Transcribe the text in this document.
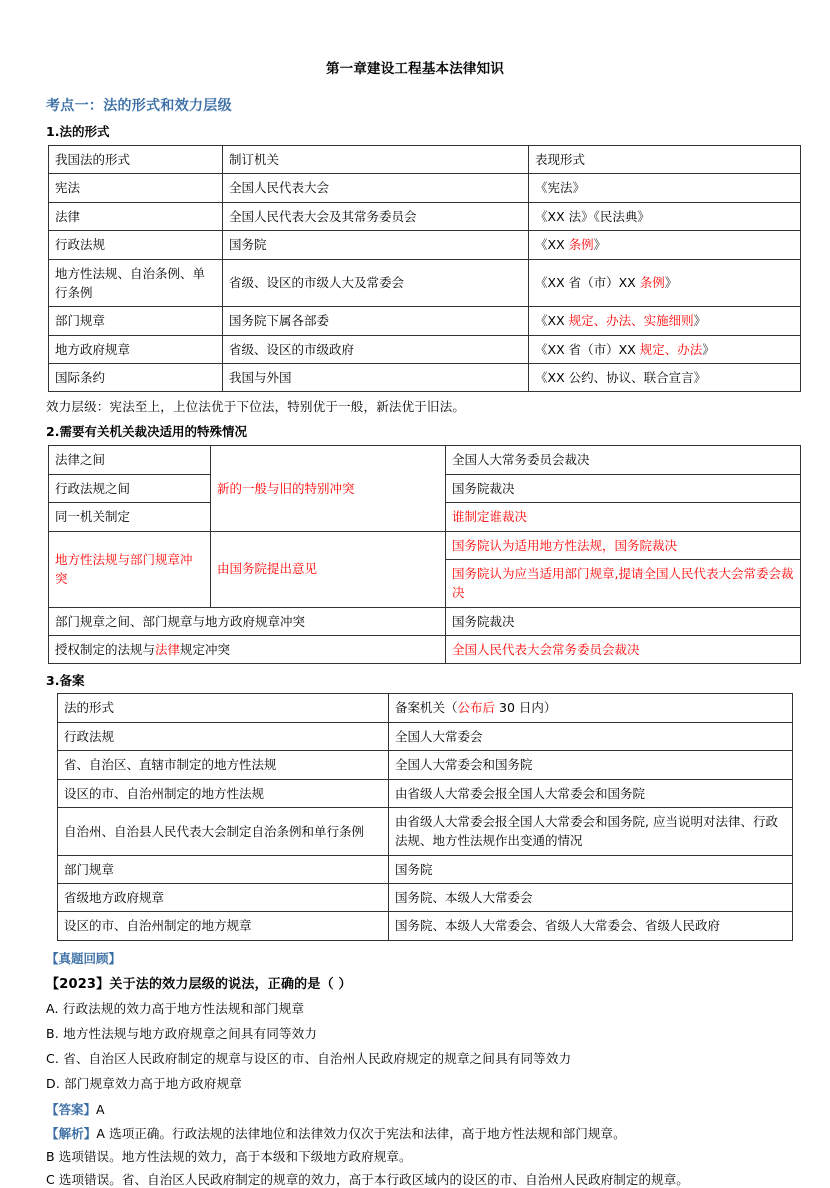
第一章建设工程基本法律知识
考点一：法的形式和效力层级
1.法的形式
我国法的形式	制订机关	表现形式
宪法	全国人民代表大会	《宪法》
法律	全国人民代表大会及其常务委员会	《XX 法》《民法典》
行政法规	国务院	《XX 条例》
地方性法规、自治条例、单行条例	省级、设区的市级人大及常委会	《XX 省（市）XX 条例》
部门规章	国务院下属各部委	《XX 规定、办法、实施细则》
地方政府规章	省级、设区的市级政府	《XX 省（市）XX 规定、办法》
国际条约	我国与外国	《XX 公约、协议、联合宣言》
效力层级：宪法至上，上位法优于下位法，特别优于一般，新法优于旧法。
2.需要有关机关裁决适用的特殊情况
法律之间	新的一般与旧的特别冲突	全国人大常务委员会裁决
行政法规之间		国务院裁决
同一机关制定		谁制定谁裁决
地方性法规与部门规章冲突	由国务院提出意见	国务院认为适用地方性法规，国务院裁决
		国务院认为应当适用部门规章,提请全国人民代表大会常委会裁决
部门规章之间、部门规章与地方政府规章冲突		国务院裁决
授权制定的法规与法律规定冲突		全国人民代表大会常务委员会裁决
3.备案
法的形式	备案机关（公布后 30 日内）
行政法规	全国人大常委会
省、自治区、直辖市制定的地方性法规	全国人大常委会和国务院
设区的市、自治州制定的地方性法规	由省级人大常委会报全国人大常委会和国务院
自治州、自治县人民代表大会制定自治条例和单行条例	由省级人大常委会报全国人大常委会和国务院, 应当说明对法律、行政法规、地方性法规作出变通的情况
部门规章	国务院
省级地方政府规章	国务院、本级人大常委会
设区的市、自治州制定的地方规章	国务院、本级人大常委会、省级人大常委会、省级人民政府
【真题回顾】
【2023】关于法的效力层级的说法，正确的是（ ）
A. 行政法规的效力高于地方性法规和部门规章
B. 地方性法规与地方政府规章之间具有同等效力
C. 省、自治区人民政府制定的规章与设区的市、自治州人民政府规定的规章之间具有同等效力
D. 部门规章效力高于地方政府规章
【答案】A
【解析】A 选项正确。行政法规的法律地位和法律效力仅次于宪法和法律，高于地方性法规和部门规章。
B 选项错误。地方性法规的效力，高于本级和下级地方政府规章。
C 选项错误。省、自治区人民政府制定的规章的效力，高于本行政区域内的设区的市、自治州人民政府制定的规章。
